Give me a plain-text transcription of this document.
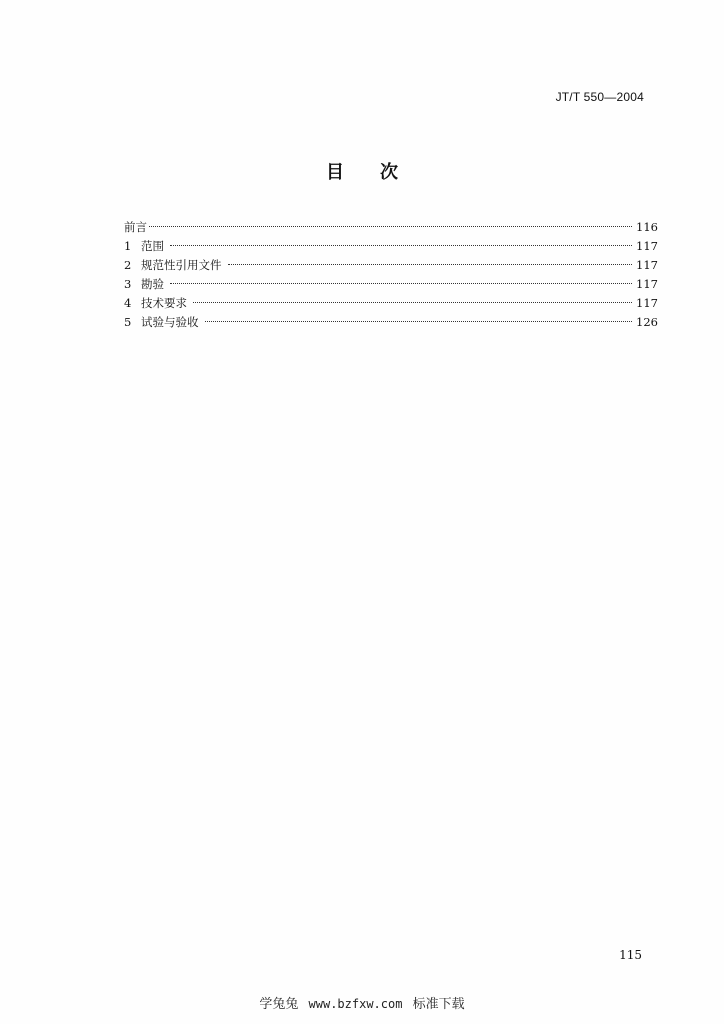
JT/T 550—2004
目 次
前言	116
1 范围	117
2 规范性引用文件	117
3 勘验	117
4 技术要求	117
5 试验与验收	126
115
学兔兔 www.bzfxw.com 标准下载
